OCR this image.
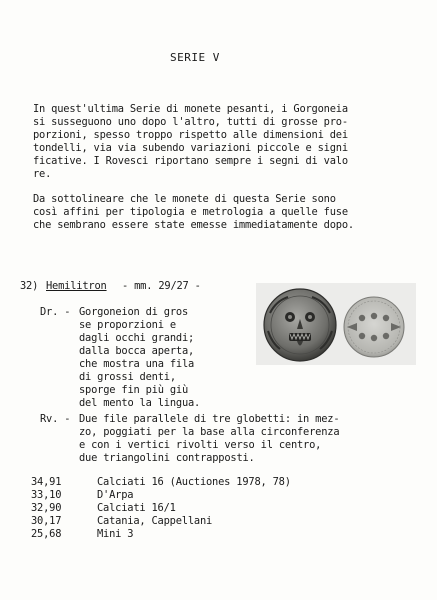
SERIE V
In quest'ultima Serie di monete pesanti, i Gorgoneia
si susseguono uno dopo l'altro, tutti di grosse pro-
porzioni, spesso troppo rispetto alle dimensioni dei
tondelli, via via subendo variazioni piccole e signi
ficative. I Rovesci riportano sempre i segni di valo
re.
Da sottolineare che le monete di questa Serie sono
così affini per tipologia e metrologia a quelle fuse
che sembrano essere state emesse immediatamente dopo.
32) Hemilitron - mm. 29/27 -
Dr. - Gorgoneion di gros
se proporzioni e
dagli occhi grandi;
dalla bocca aperta,
che mostra una fila
di grossi denti,
sporge fin più giù
del mento la lingua.
Rv. - Due file parallele di tre globetti: in mez-
zo, poggiati per la base alla circonferenza
e con i vertici rivolti verso il centro,
due triangolini contrapposti.
34,91	Calciati 16 (Auctiones 1978, 78)
33,10	D'Arpa
32,90	Calciati 16/1
30,17	Catania, Cappellani
25,68	Mini 3
